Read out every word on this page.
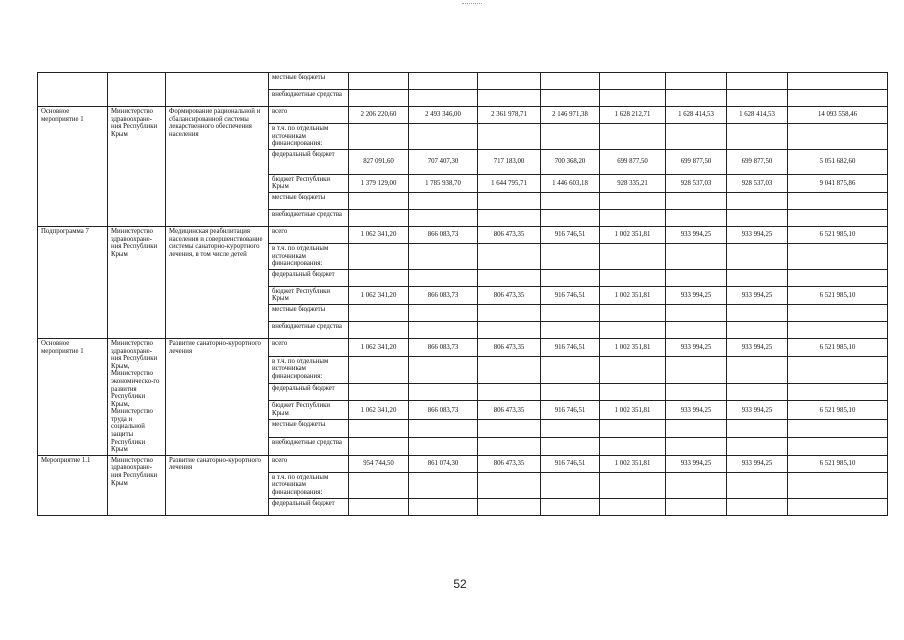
			местные бюджеты								
			внебюджетные средства								
Основное мероприятие 1	Министерство здравоохране-ния Республики Крым	Формирование рациональной и сбалансированной системы лекарственного обеспечения населения	всего	2 206 220,60	2 493 346,00	2 361 978,71	2 146 971,38	1 628 212,71	1 628 414,53	1 628 414,53	14 093 558,46
			в т.ч. по отдельным источникам финансирования:								
			федеральный бюджет	827 091,60	707 407,30	717 183,00	700 368,20	699 877,50	699 877,50	699 877,50	5 051 682,60
			бюджет Республики Крым	1 379 129,00	1 785 938,70	1 644 795,71	1 446 603,18	928 335,21	928 537,03	928 537,03	9 041 875,86
			местные бюджеты								
			внебюджетные средства								
Подпрограмма 7	Министерство здравоохране-ния Республики Крым	Медицинская реабилитация населения и совершенствование системы санаторно-курортного лечения, в том числе детей	всего	1 062 341,20	866 083,73	806 473,35	916 746,51	1 002 351,81	933 994,25	933 994,25	6 521 985,10
			в т.ч. по отдельным источникам финансирования:								
			федеральный бюджет								
			бюджет Республики Крым	1 062 341,20	866 083,73	806 473,35	916 746,51	1 002 351,81	933 994,25	933 994,25	6 521 985,10
			местные бюджеты								
			внебюджетные средства								
Основное мероприятие 1	Министерство здравоохране-ния Республики Крым, Министерство экономическо-го развития Республики Крым, Министерство труда и социальной защиты Республики Крым	Развитие санаторно-курортного лечения	всего	1 062 341,20	866 083,73	806 473,35	916 746,51	1 002 351,81	933 994,25	933 994,25	6 521 985,10
			в т.ч. по отдельным источникам финансирования:								
			федеральный бюджет								
			бюджет Республики Крым	1 062 341,20	866 083,73	806 473,35	916 746,51	1 002 351,81	933 994,25	933 994,25	6 521 985,10
			местные бюджеты								
			внебюджетные средства								
Мероприятие 1.1	Министерство здравоохране-ния Республики Крым	Развитие санаторно-курортного лечения	всего	954 744,50	861 074,30	806 473,35	916 746,51	1 002 351,81	933 994,25	933 994,25	6 521 985,10
			в т.ч. по отдельным источникам финансирования:								
			федеральный бюджет								
52
